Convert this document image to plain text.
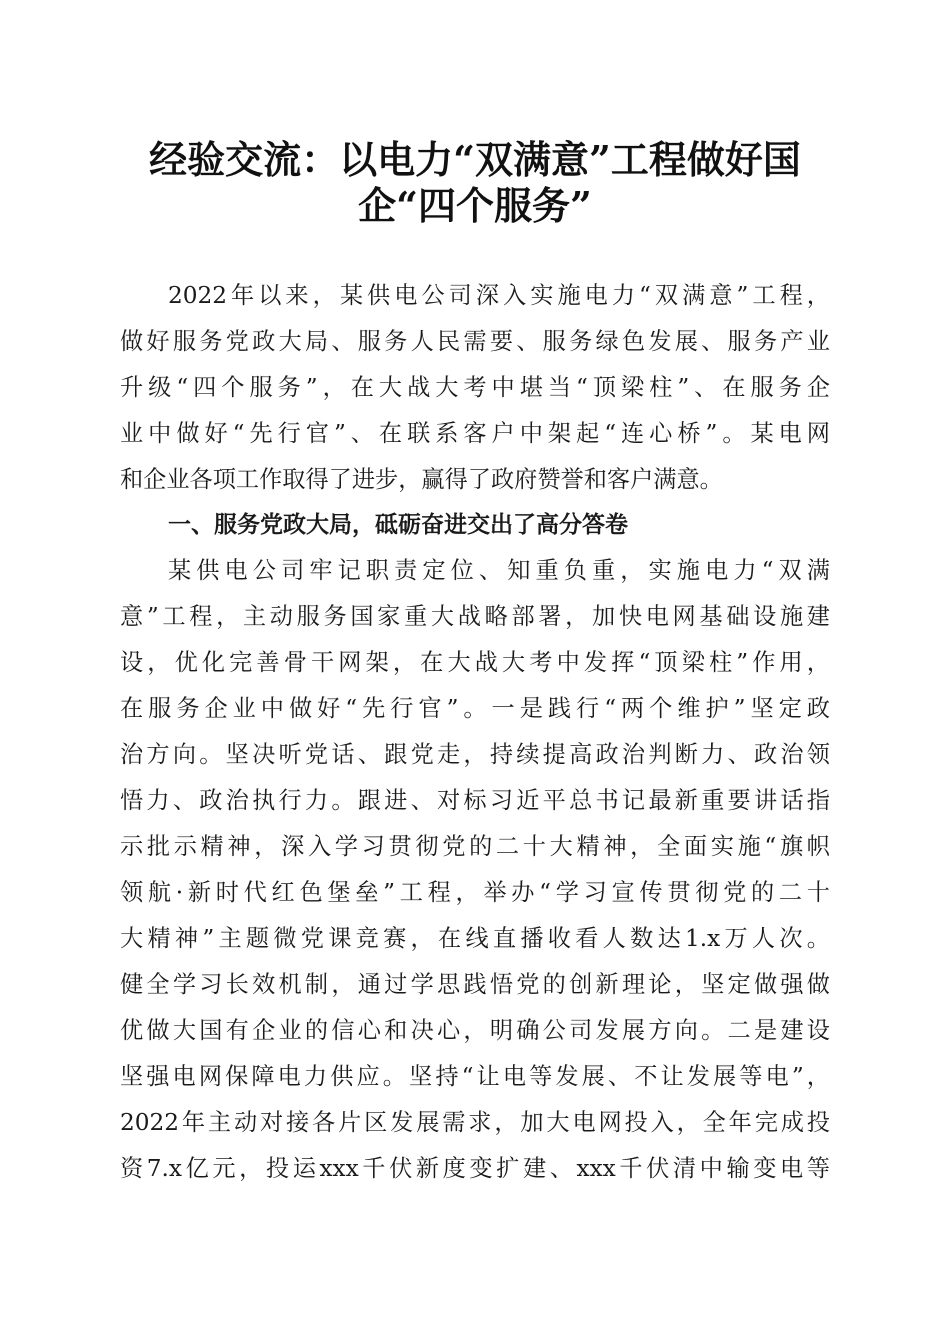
经验交流：以电力“双满意”工程做好国
企“四个服务”
2022年以来，某供电公司深入实施电力“双满意”工程，
做好服务党政大局、服务人民需要、服务绿色发展、服务产业
升级“四个服务”，在大战大考中堪当“顶梁柱”、在服务企
业中做好“先行官”、在联系客户中架起“连心桥”。某电网
和企业各项工作取得了进步，赢得了政府赞誉和客户满意。
一、服务党政大局，砥砺奋进交出了高分答卷
某供电公司牢记职责定位、知重负重，实施电力“双满
意”工程，主动服务国家重大战略部署，加快电网基础设施建
设，优化完善骨干网架，在大战大考中发挥“顶梁柱”作用，
在服务企业中做好“先行官”。一是践行“两个维护”坚定政
治方向。坚决听党话、跟党走，持续提高政治判断力、政治领
悟力、政治执行力。跟进、对标习近平总书记最新重要讲话指
示批示精神，深入学习贯彻党的二十大精神，全面实施“旗帜
领航·新时代红色堡垒”工程，举办“学习宣传贯彻党的二十
大精神”主题微党课竞赛，在线直播收看人数达1.x万人次。
健全学习长效机制，通过学思践悟党的创新理论，坚定做强做
优做大国有企业的信心和决心，明确公司发展方向。二是建设
坚强电网保障电力供应。坚持“让电等发展、不让发展等电”，
2022年主动对接各片区发展需求，加大电网投入，全年完成投
资7.x亿元，投运xxx千伏新度变扩建、xxx千伏清中输变电等
